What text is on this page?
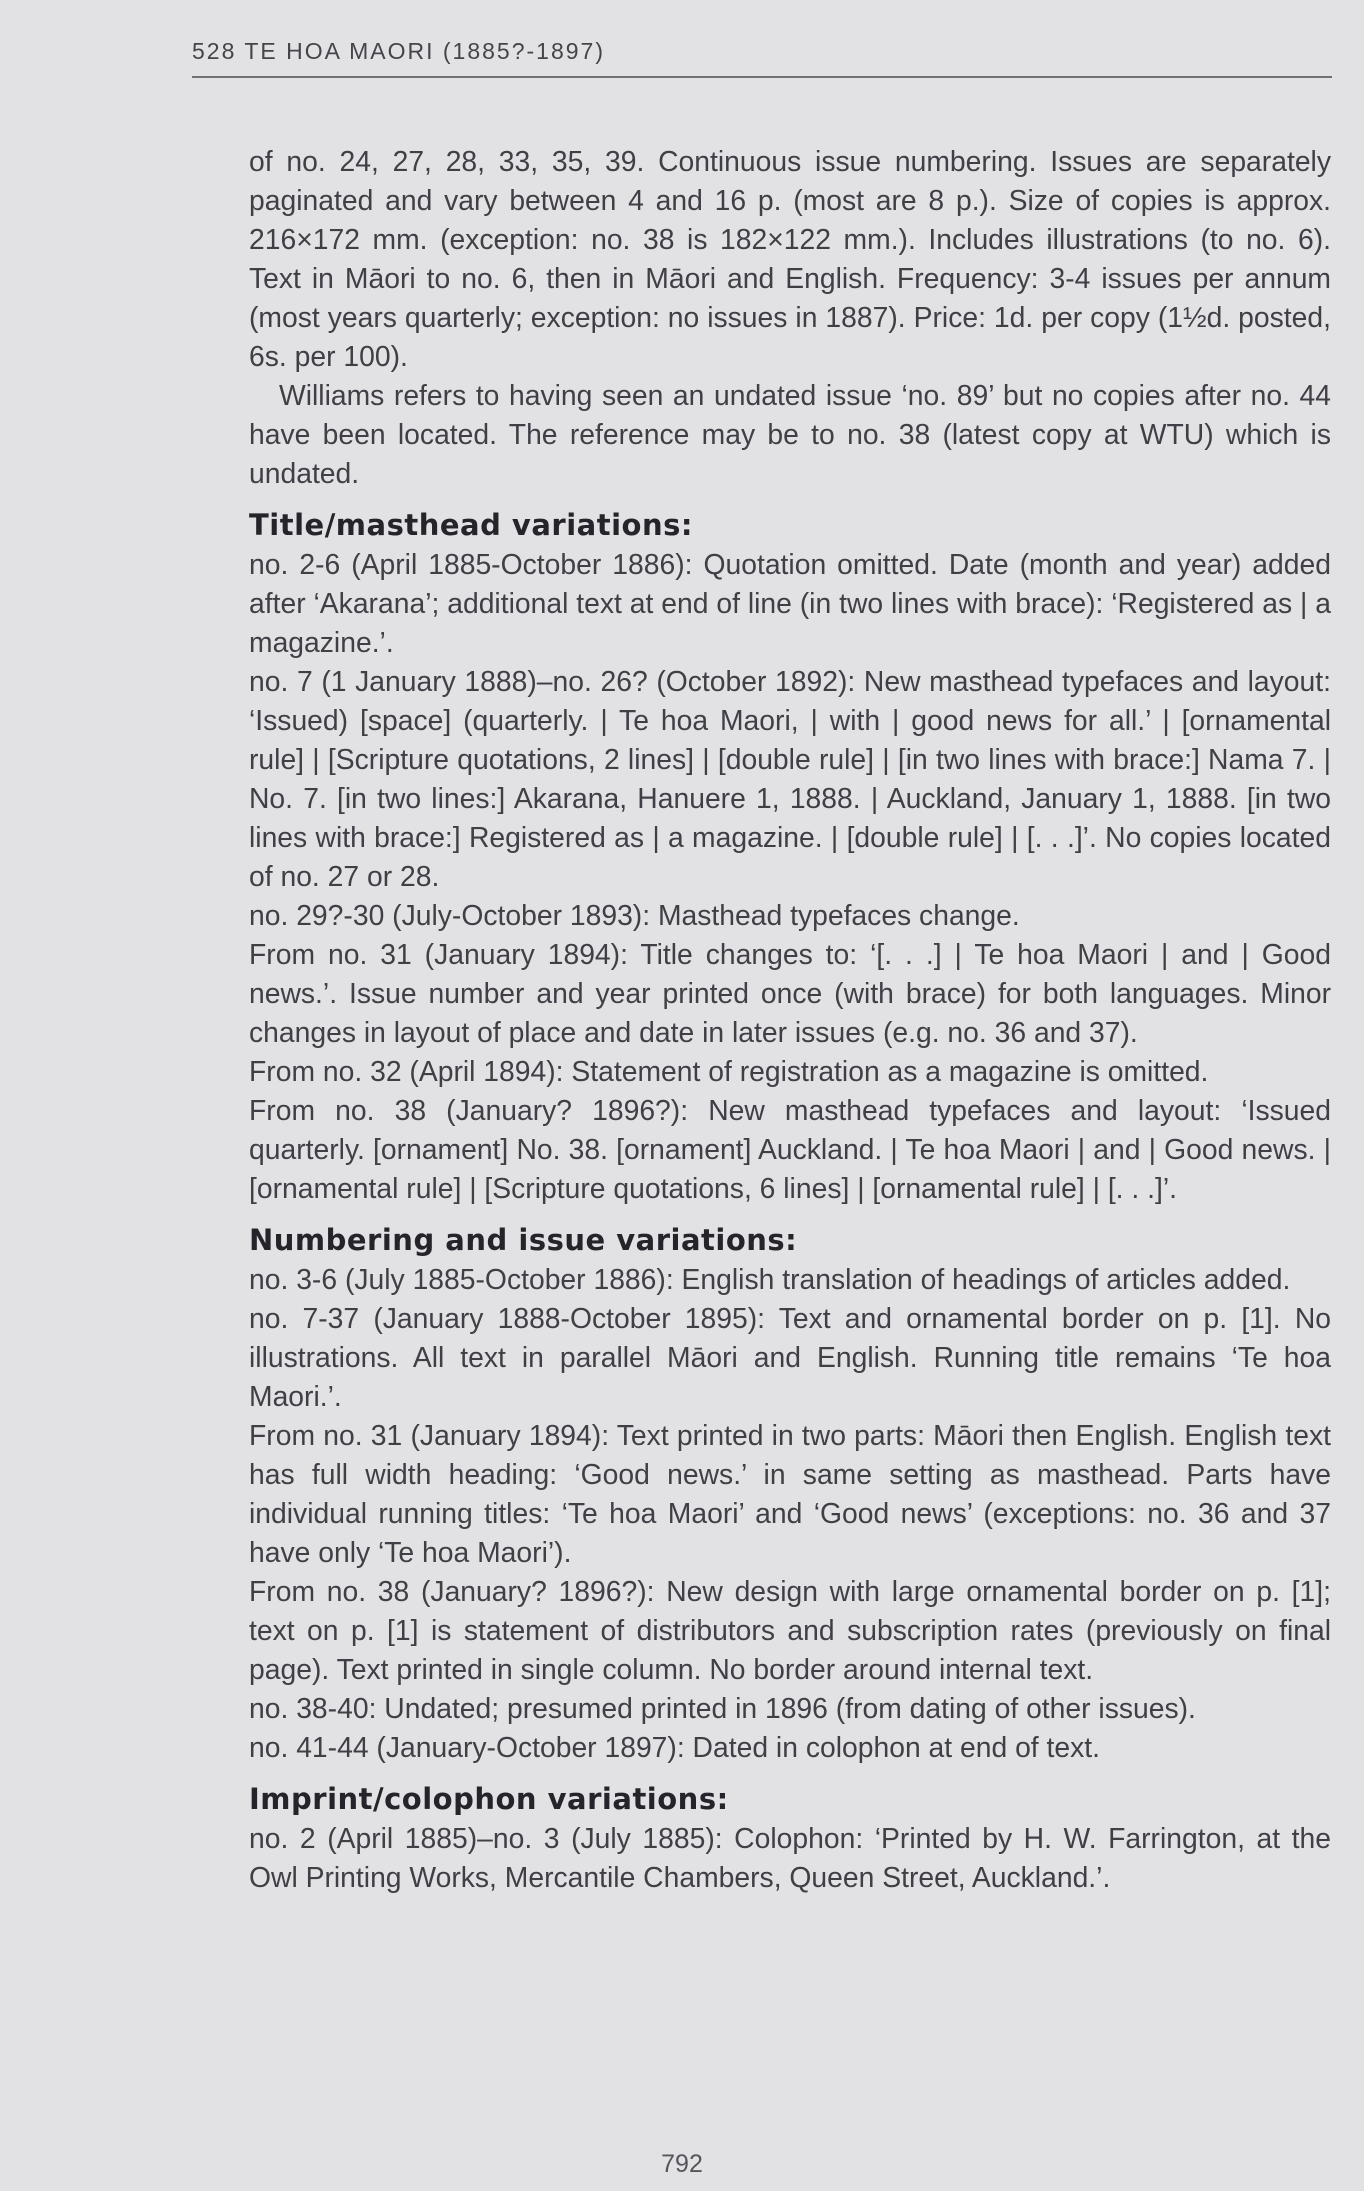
528 TE HOA MAORI (1885?-1897)

of no. 24, 27, 28, 33, 35, 39. Continuous issue numbering. Issues are separately paginated and vary between 4 and 16 p. (most are 8 p.). Size of copies is approx. 216×172 mm. (exception: no. 38 is 182×122 mm.). Includes illustrations (to no. 6). Text in Māori to no. 6, then in Māori and English. Frequency: 3-4 issues per annum (most years quarterly; exception: no issues in 1887). Price: 1d. per copy (1½d. posted, 6s. per 100).

Williams refers to having seen an undated issue ‘no. 89’ but no copies after no. 44 have been located. The reference may be to no. 38 (latest copy at WTU) which is undated.

Title/masthead variations:

no. 2-6 (April 1885-October 1886): Quotation omitted. Date (month and year) added after ‘Akarana’; additional text at end of line (in two lines with brace): ‘Registered as | a magazine.’.

no. 7 (1 January 1888)–no. 26? (October 1892): New masthead typefaces and layout: ‘Issued) [space] (quarterly. | Te hoa Maori, | with | good news for all.’ | [ornamental rule] | [Scripture quotations, 2 lines] | [double rule] | [in two lines with brace:] Nama 7. | No. 7. [in two lines:] Akarana, Hanuere 1, 1888. | Auckland, January 1, 1888. [in two lines with brace:] Registered as | a magazine. | [double rule] | [. . .]’. No copies located of no. 27 or 28.

no. 29?-30 (July-October 1893): Masthead typefaces change.

From no. 31 (January 1894): Title changes to: ‘[. . .] | Te hoa Maori | and | Good news.’. Issue number and year printed once (with brace) for both languages. Minor changes in layout of place and date in later issues (e.g. no. 36 and 37).

From no. 32 (April 1894): Statement of registration as a magazine is omitted.

From no. 38 (January? 1896?): New masthead typefaces and layout: ‘Issued quarterly. [ornament] No. 38. [ornament] Auckland. | Te hoa Maori | and | Good news. | [ornamental rule] | [Scripture quotations, 6 lines] | [ornamental rule] | [. . .]’.

Numbering and issue variations:

no. 3-6 (July 1885-October 1886): English translation of headings of articles added.

no. 7-37 (January 1888-October 1895): Text and ornamental border on p. [1]. No illustrations. All text in parallel Māori and English. Running title remains ‘Te hoa Maori.’.

From no. 31 (January 1894): Text printed in two parts: Māori then English. English text has full width heading: ‘Good news.’ in same setting as masthead. Parts have individual running titles: ‘Te hoa Maori’ and ‘Good news’ (exceptions: no. 36 and 37 have only ‘Te hoa Maori’).

From no. 38 (January? 1896?): New design with large ornamental border on p. [1]; text on p. [1] is statement of distributors and subscription rates (previously on final page). Text printed in single column. No border around internal text.

no. 38-40: Undated; presumed printed in 1896 (from dating of other issues).

no. 41-44 (January-October 1897): Dated in colophon at end of text.

Imprint/colophon variations:

no. 2 (April 1885)–no. 3 (July 1885): Colophon: ‘Printed by H. W. Farrington, at the Owl Printing Works, Mercantile Chambers, Queen Street, Auckland.’.

792
